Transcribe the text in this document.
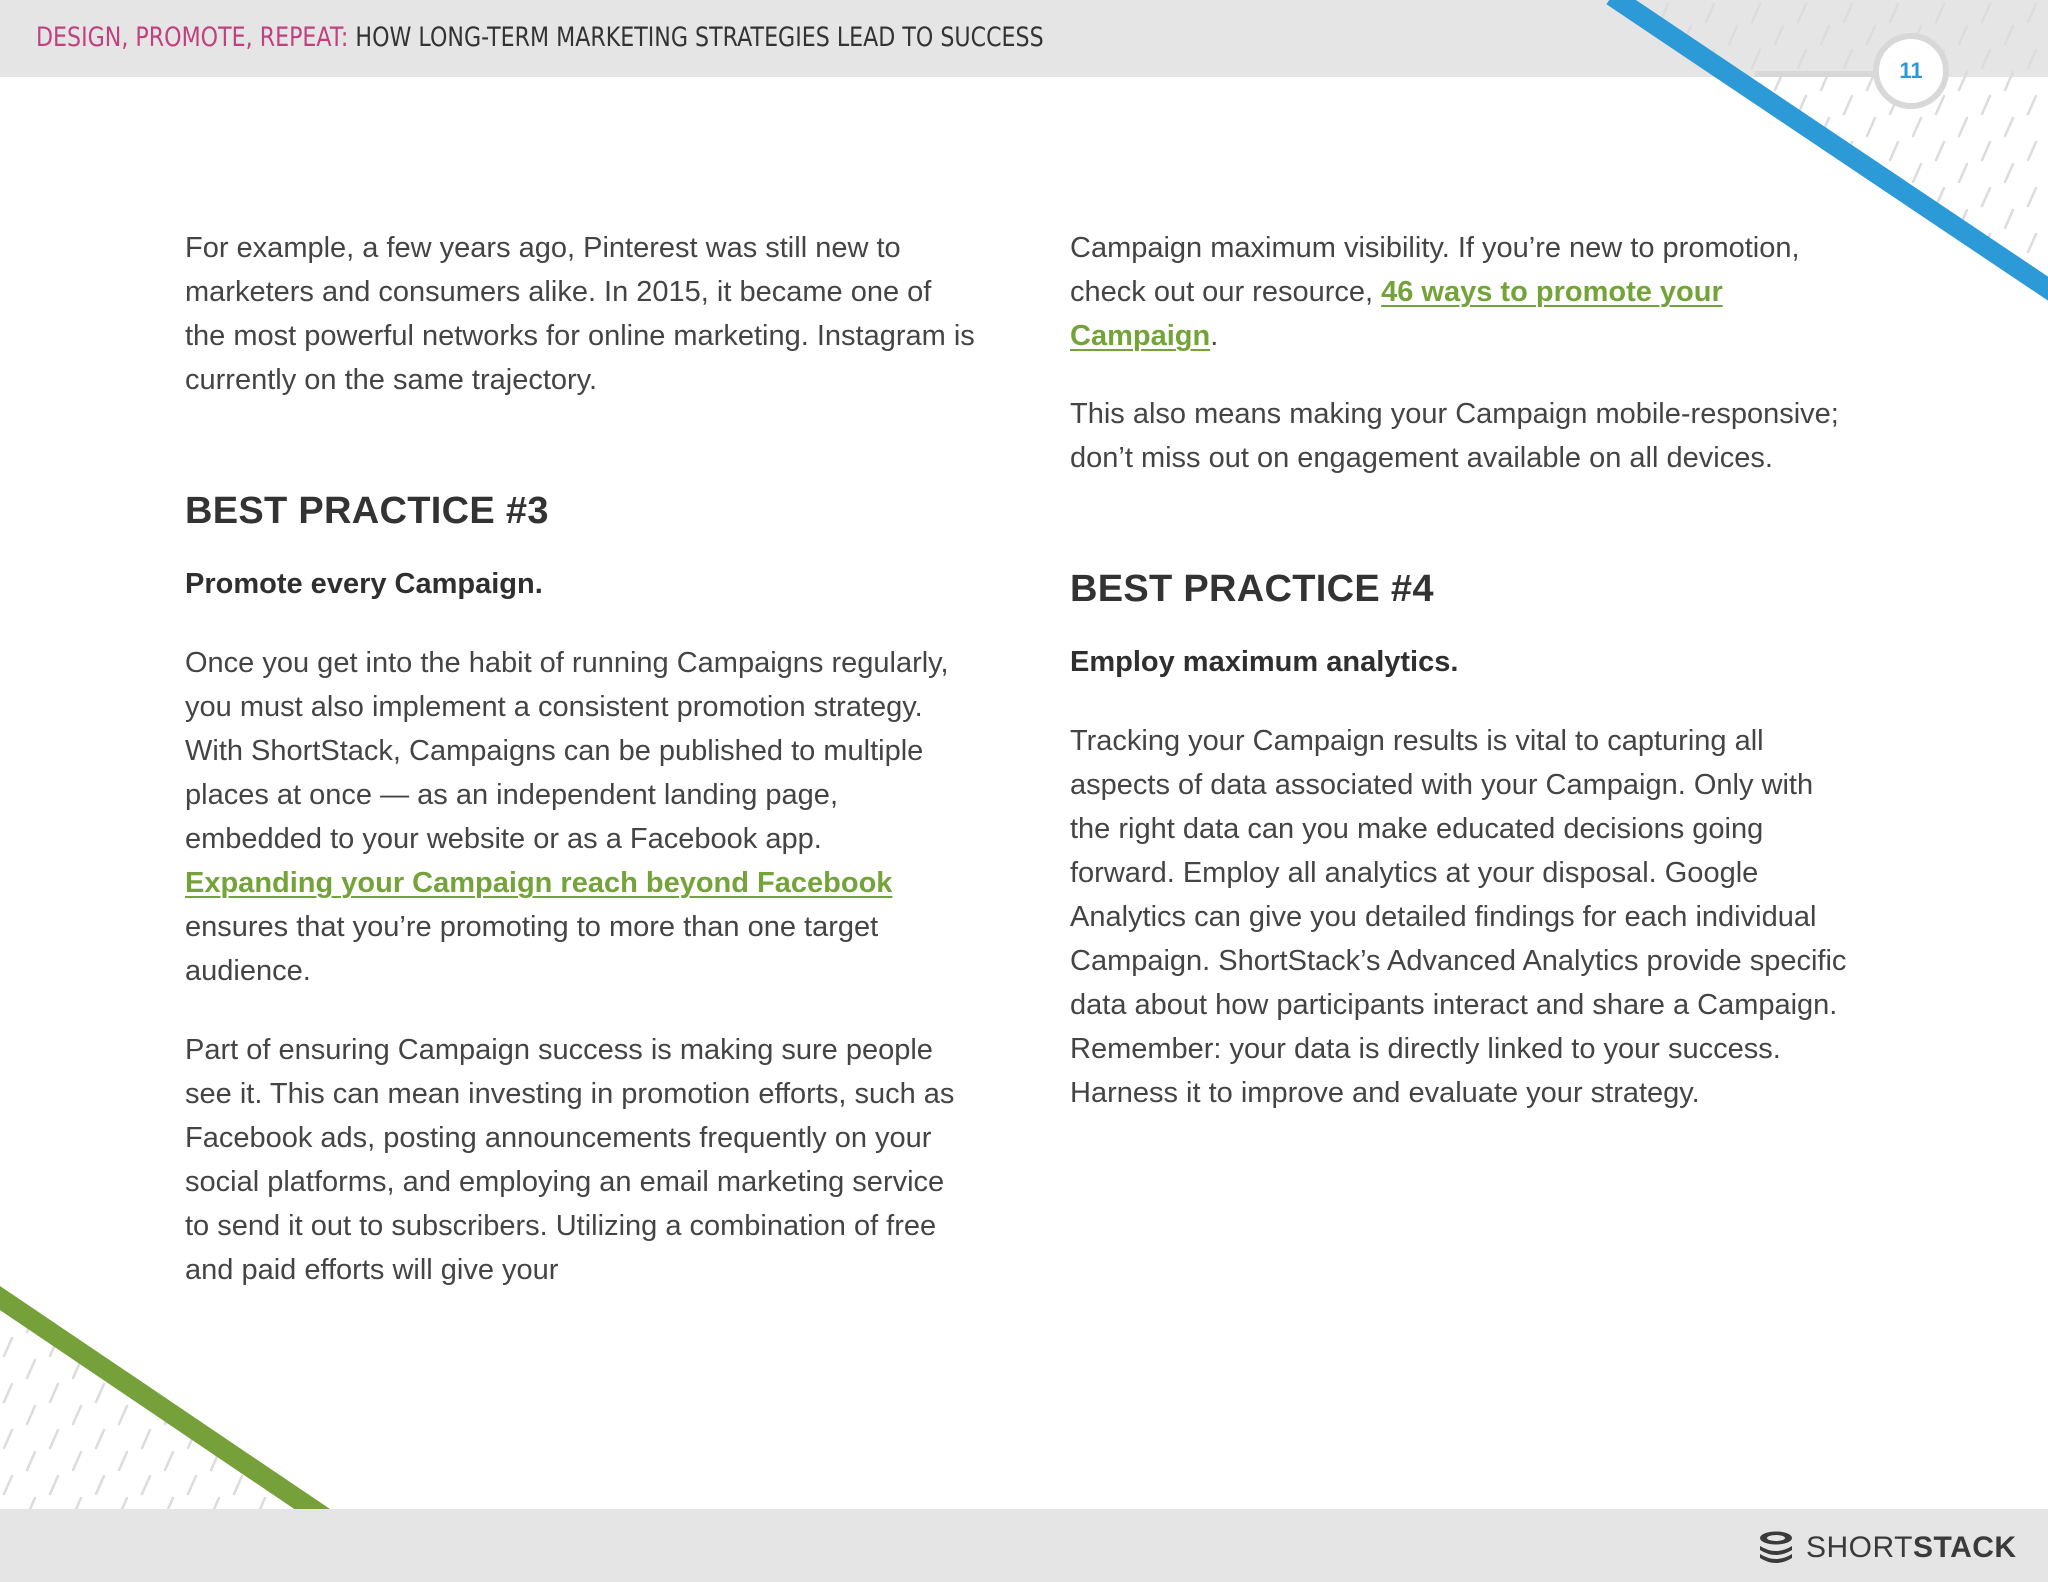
DESIGN, PROMOTE, REPEAT: HOW LONG-TERM MARKETING STRATEGIES LEAD TO SUCCESS
11

For example, a few years ago, Pinterest was still new to marketers and consumers alike. In 2015, it became one of the most powerful networks for online marketing. Instagram is currently on the same trajectory.

BEST PRACTICE #3

Promote every Campaign.

Once you get into the habit of running Campaigns regularly, you must also implement a consistent promotion strategy. With ShortStack, Campaigns can be published to multiple places at once — as an independent landing page, embedded to your website or as a Facebook app. Expanding your Campaign reach beyond Facebook ensures that you’re promoting to more than one target audience.

Part of ensuring Campaign success is making sure people see it. This can mean investing in promotion efforts, such as Facebook ads, posting announcements frequently on your social platforms, and employing an email marketing service to send it out to subscribers. Utilizing a combination of free and paid efforts will give your

Campaign maximum visibility. If you’re new to promotion, check out our resource, 46 ways to promote your Campaign.

This also means making your Campaign mobile-responsive; don’t miss out on engagement available on all devices.

BEST PRACTICE #4

Employ maximum analytics.

Tracking your Campaign results is vital to capturing all aspects of data associated with your Campaign. Only with the right data can you make educated decisions going forward. Employ all analytics at your disposal. Google Analytics can give you detailed findings for each individual Campaign. ShortStack’s Advanced Analytics provide specific data about how participants interact and share a Campaign. Remember: your data is directly linked to your success. Harness it to improve and evaluate your strategy.

SHORTSTACK
